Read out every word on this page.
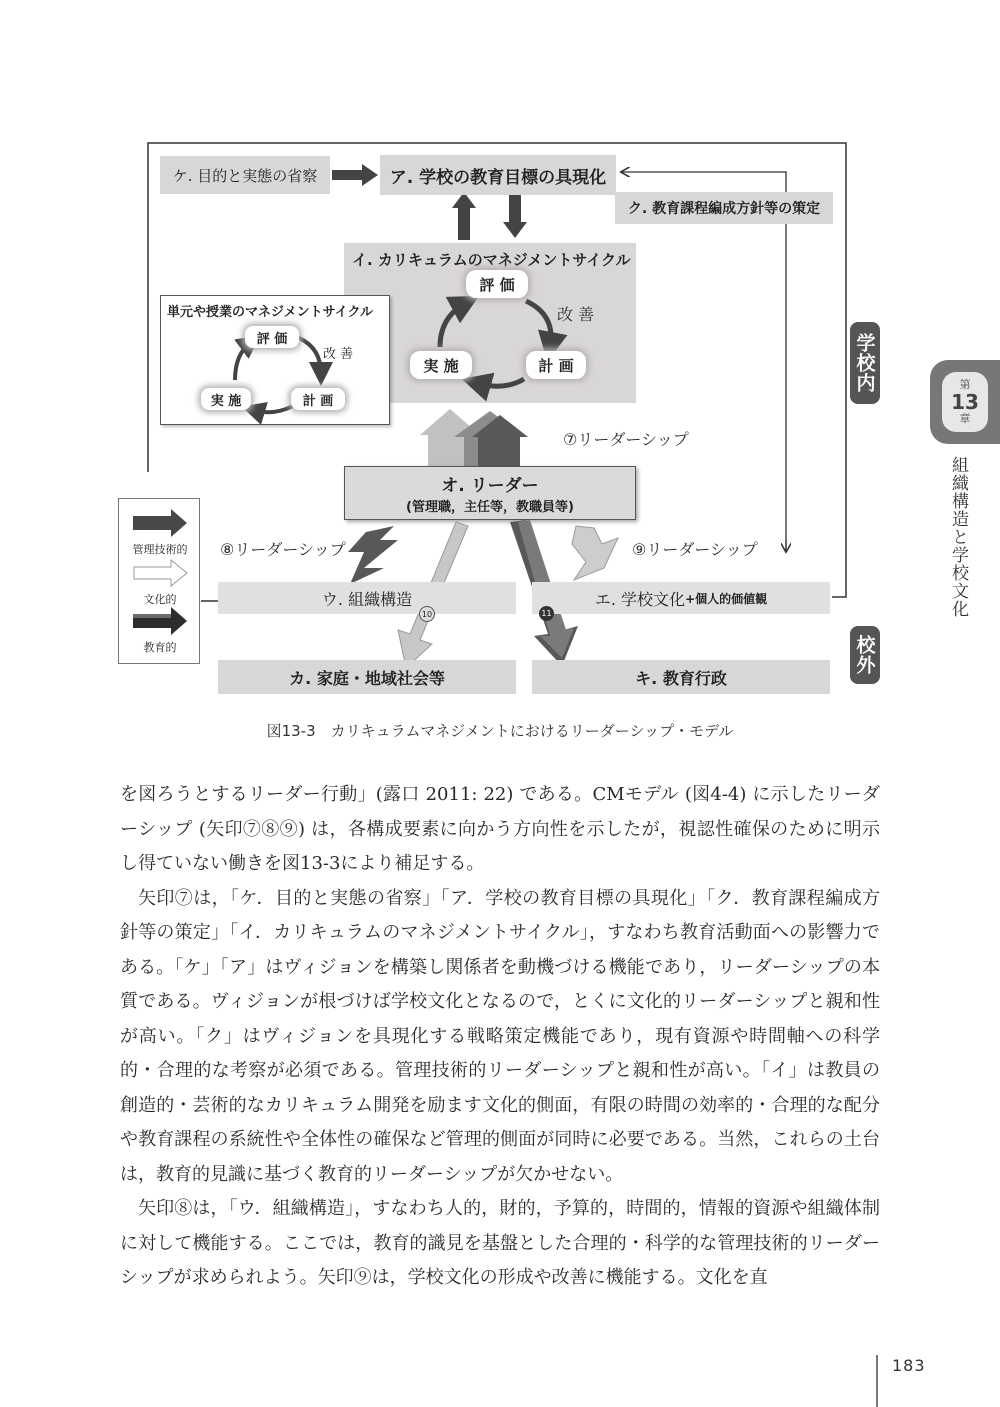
ケ. 目的と実態の省察	ア. 学校の教育目標の具現化
ク. 教育課程編成方針等の策定
イ. カリキュラムのマネジメントサイクル
評 価
改 善
実 施	計 画
単元や授業のマネジメントサイクル
評 価
改 善
実 施	計 画
⑦リーダーシップ
オ. リーダー
(管理職，主任等，教職員等)
⑧リーダーシップ	⑨リーダーシップ
ウ. 組織構造	エ. 学校文化 +個人的価値観
10	11
カ. 家庭・地域社会等	キ. 教育行政
学校内
校外
管理技術的
文化的
教育的
図13-3　カリキュラムマネジメントにおけるリーダーシップ・モデル
第
13
章
組織構造と学校文化

を図ろうとするリーダー行動」(露口 2011: 22) である。CMモデル (図4-4) に示したリーダーシップ (矢印⑦⑧⑨) は，各構成要素に向かう方向性を示したが，視認性確保のために明示し得ていない働きを図13-3により補足する。

矢印⑦は，「ケ．目的と実態の省察」「ア．学校の教育目標の具現化」「ク．教育課程編成方針等の策定」「イ．カリキュラムのマネジメントサイクル」，すなわち教育活動面への影響力である。「ケ」「ア」はヴィジョンを構築し関係者を動機づける機能であり，リーダーシップの本質である。ヴィジョンが根づけば学校文化となるので，とくに文化的リーダーシップと親和性が高い。「ク」はヴィジョンを具現化する戦略策定機能であり，現有資源や時間軸への科学的・合理的な考察が必須である。管理技術的リーダーシップと親和性が高い。「イ」は教員の創造的・芸術的なカリキュラム開発を励ます文化的側面，有限の時間の効率的・合理的な配分や教育課程の系統性や全体性の確保など管理的側面が同時に必要である。当然，これらの土台は，教育的見識に基づく教育的リーダーシップが欠かせない。

矢印⑧は，「ウ．組織構造」，すなわち人的，財的，予算的，時間的，情報的資源や組織体制に対して機能する。ここでは，教育的識見を基盤とした合理的・科学的な管理技術的リーダーシップが求められよう。矢印⑨は，学校文化の形成や改善に機能する。文化を直

183
